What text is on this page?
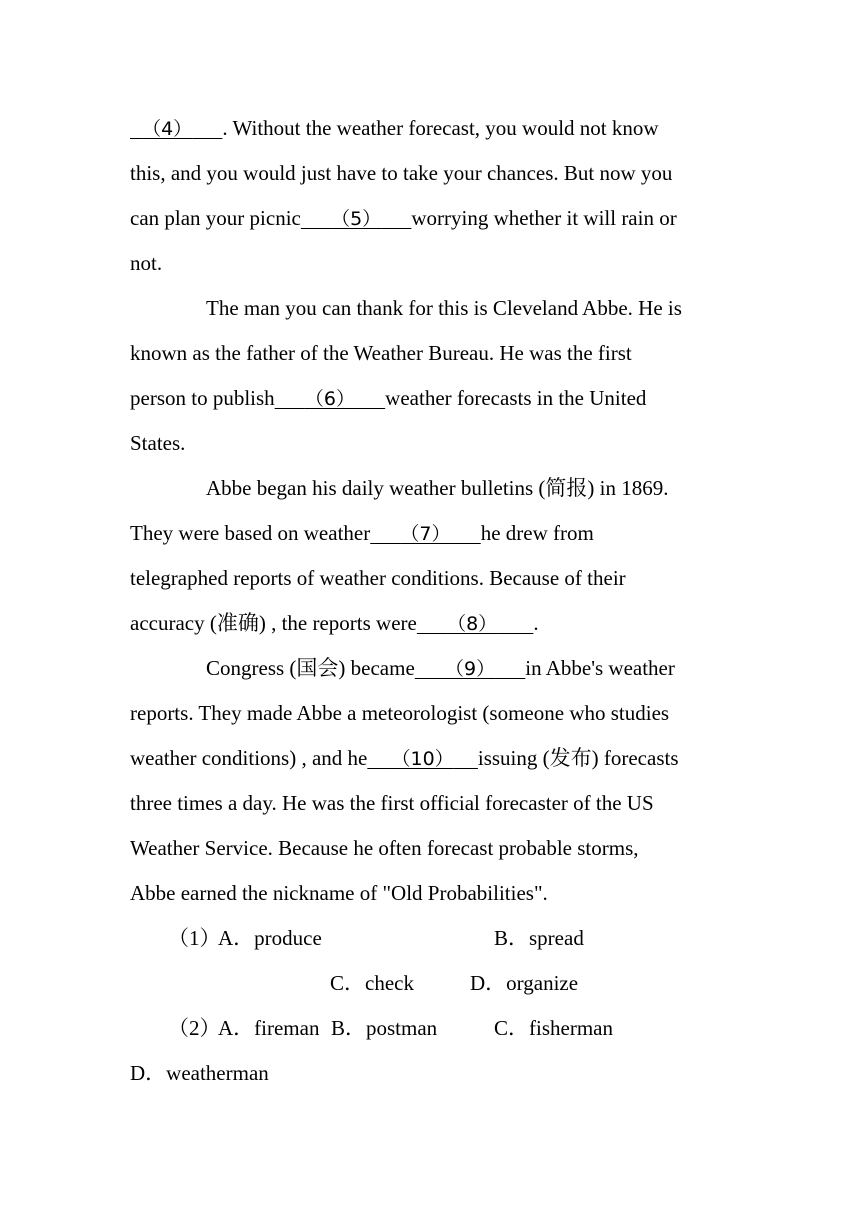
（4） . Without the weather forecast, you would not know
this, and you would just have to take your chances. But now you
can plan your picnic （5） worrying whether it will rain or
not.
The man you can thank for this is Cleveland Abbe. He is
known as the father of the Weather Bureau. He was the first
person to publish （6） weather forecasts in the United
States.
Abbe began his daily weather bulletins (简报) in 1869.
They were based on weather （7） he drew from
telegraphed reports of weather conditions. Because of their
accuracy (准确) , the reports were （8） .
Congress (国会) became （9） in Abbe's weather
reports. They made Abbe a meteorologist (someone who studies
weather conditions) , and he （10） issuing (发布) forecasts
three times a day. He was the first official forecaster of the US
Weather Service. Because he often forecast probable storms,
Abbe earned the nickname of "Old Probabilities".
（1）
A．produce	B．spread
C．check	D．organize
（2）
A．fireman B．postman	C．fisherman
D．weatherman
